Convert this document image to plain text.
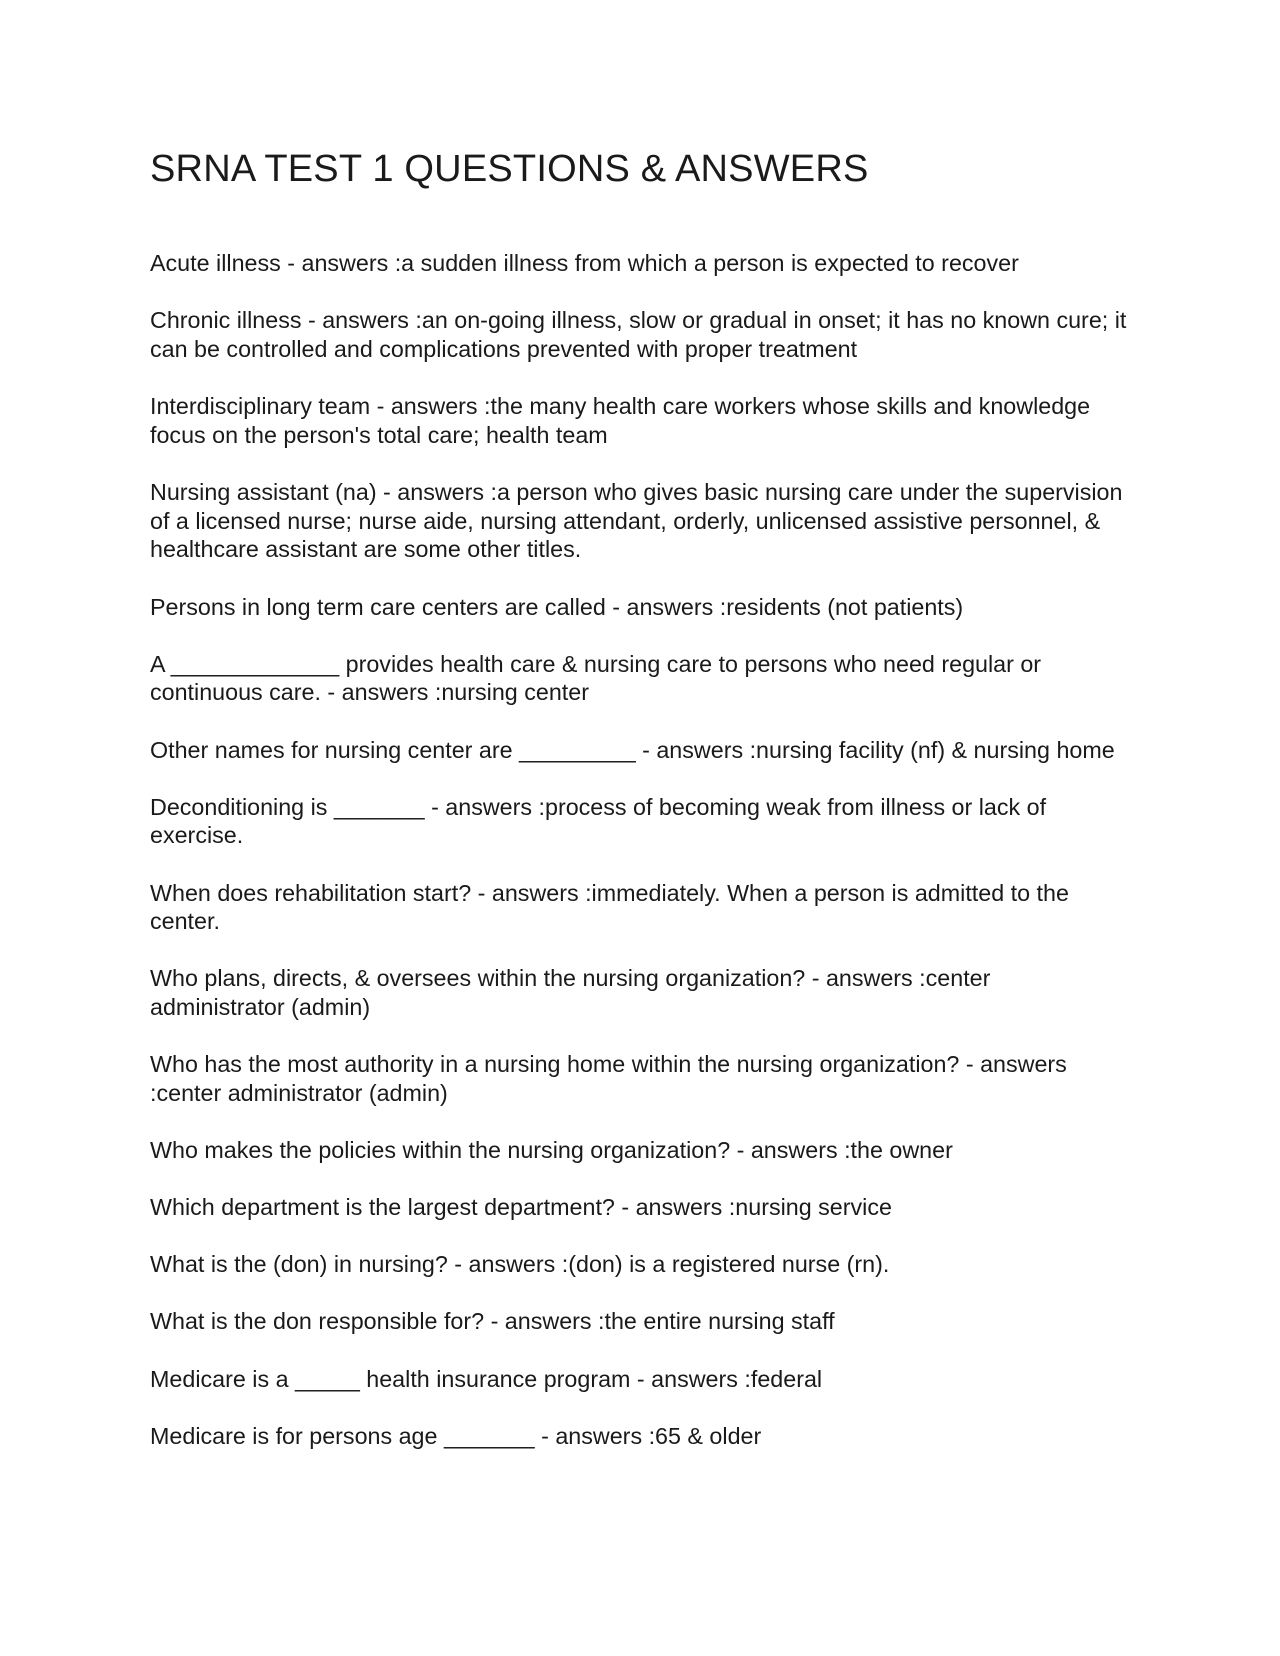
SRNA TEST 1 QUESTIONS & ANSWERS
Acute illness - answers :a sudden illness from which a person is expected to recover
Chronic illness - answers :an on-going illness, slow or gradual in onset; it has no known cure; it can be controlled and complications prevented with proper treatment
Interdisciplinary team - answers :the many health care workers whose skills and knowledge focus on the person's total care; health team
Nursing assistant (na) - answers :a person who gives basic nursing care under the supervision of a licensed nurse; nurse aide, nursing attendant, orderly, unlicensed assistive personnel, & healthcare assistant are some other titles.
Persons in long term care centers are called - answers :residents (not patients)
A _____________ provides health care & nursing care to persons who need regular or continuous care. - answers :nursing center
Other names for nursing center are _________ - answers :nursing facility (nf) & nursing home
Deconditioning is _______ - answers :process of becoming weak from illness or lack of exercise.
When does rehabilitation start? - answers :immediately. When a person is admitted to the center.
Who plans, directs, & oversees within the nursing organization? - answers :center administrator (admin)
Who has the most authority in a nursing home within the nursing organization? - answers :center administrator (admin)
Who makes the policies within the nursing organization? - answers :the owner
Which department is the largest department? - answers :nursing service
What is the (don) in nursing? - answers :(don) is a registered nurse (rn).
What is the don responsible for? - answers :the entire nursing staff
Medicare is a _____ health insurance program - answers :federal
Medicare is for persons age _______ - answers :65 & older
